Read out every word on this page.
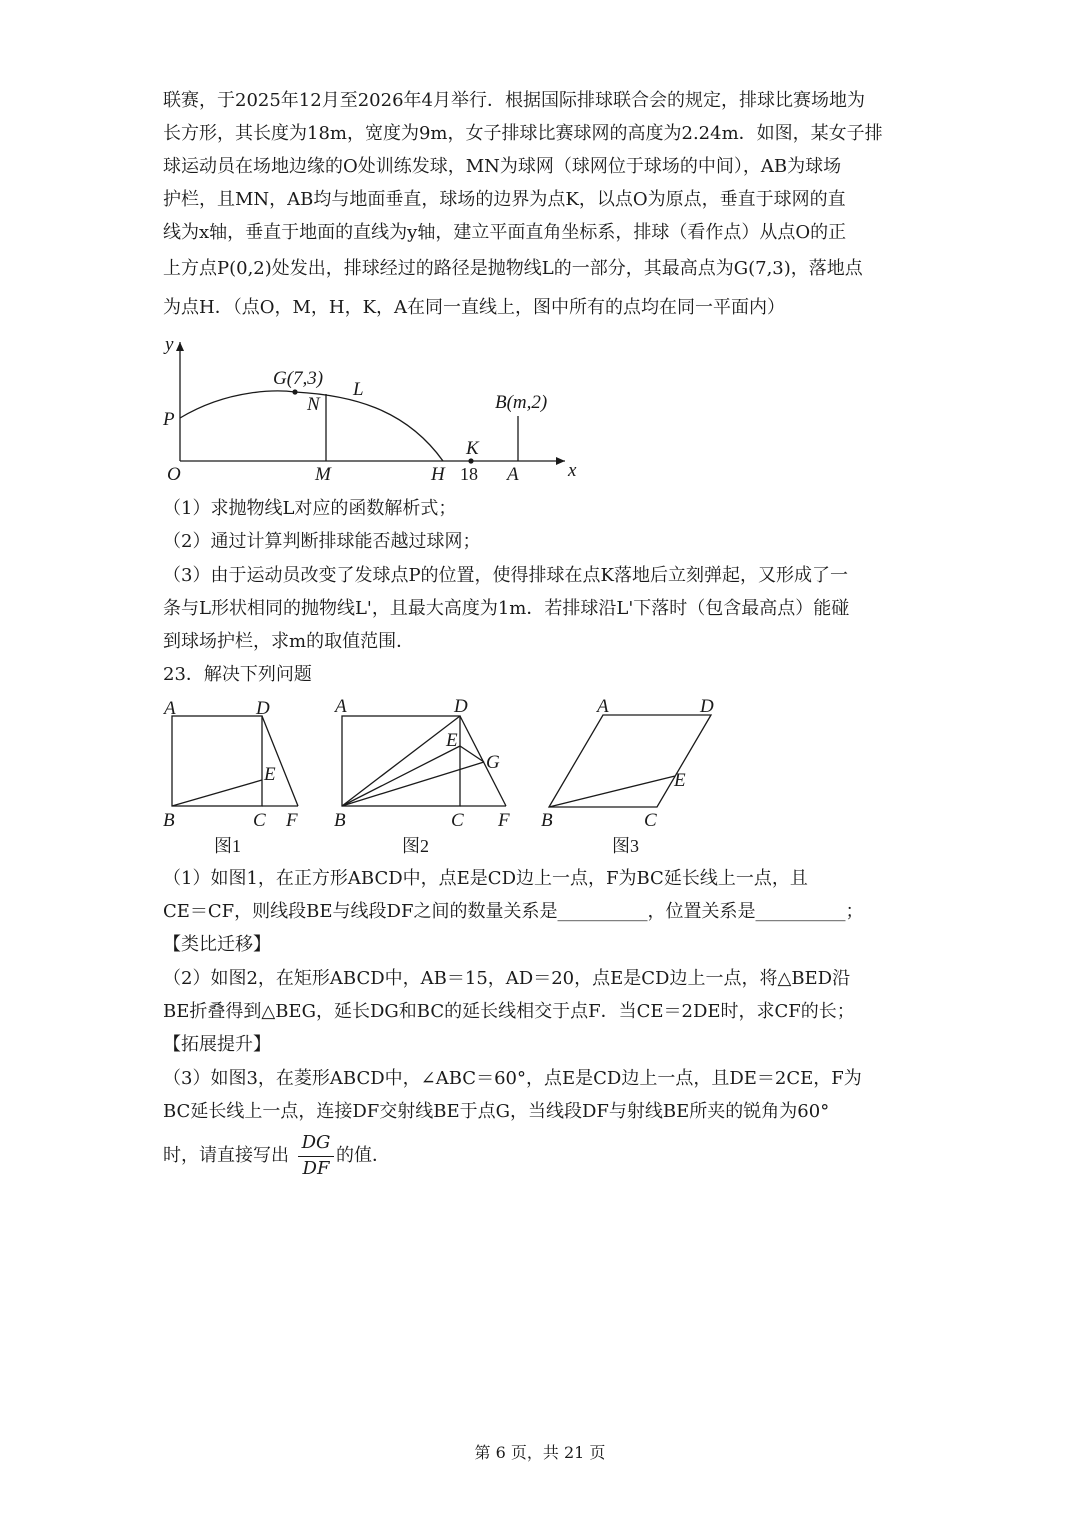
联赛，于2025年12月至2026年4月举行．根据国际排球联合会的规定，排球比赛场地为
长方形，其长度为18m，宽度为9m，女子排球比赛球网的高度为2.24m．如图，某女子排
球运动员在场地边缘的O处训练发球，MN为球网（球网位于球场的中间），AB为球场
护栏，且MN，AB均与地面垂直，球场的边界为点K，以点O为原点，垂直于球网的直
线为x轴，垂直于地面的直线为y轴，建立平面直角坐标系，排球（看作点）从点O的正
上方点P(0,2)处发出，排球经过的路径是抛物线L的一部分，其最高点为G(7,3)，落地点
为点H．（点O，M，H，K，A在同一直线上，图中所有的点均在同一平面内）
y
x
O
P
G(7,3)
N
L
B(m,2)
K
18
M	H	A
（1）求抛物线L对应的函数解析式；
（2）通过计算判断排球能否越过球网；
（3）由于运动员改变了发球点P的位置，使得排球在点K落地后立刻弹起，又形成了一
条与L形状相同的抛物线L'，且最大高度为1m．若排球沿L'下落时（包含最高点）能碰
到球场护栏，求m的取值范围．
23．解决下列问题
A	D
E
B	C F
图1
A	D
E
G
B	C F
图2
A	D
E
B	C
图3
（1）如图1，在正方形ABCD中，点E是CD边上一点，F为BC延长线上一点，且
CE＝CF，则线段BE与线段DF之间的数量关系是__________，位置关系是__________；
【类比迁移】
（2）如图2，在矩形ABCD中，AB＝15，AD＝20，点E是CD边上一点，将△BED沿
BE折叠得到△BEG，延长DG和BC的延长线相交于点F．当CE＝2DE时，求CF的长；
【拓展提升】
（3）如图3，在菱形ABCD中，∠ABC＝60°，点E是CD边上一点，且DE＝2CE，F为
BC延长线上一点，连接DF交射线BE于点G，当线段DF与射线BE所夹的锐角为60°
时，请直接写出
DG
DF
的值．
第 6 页，共 21 页
